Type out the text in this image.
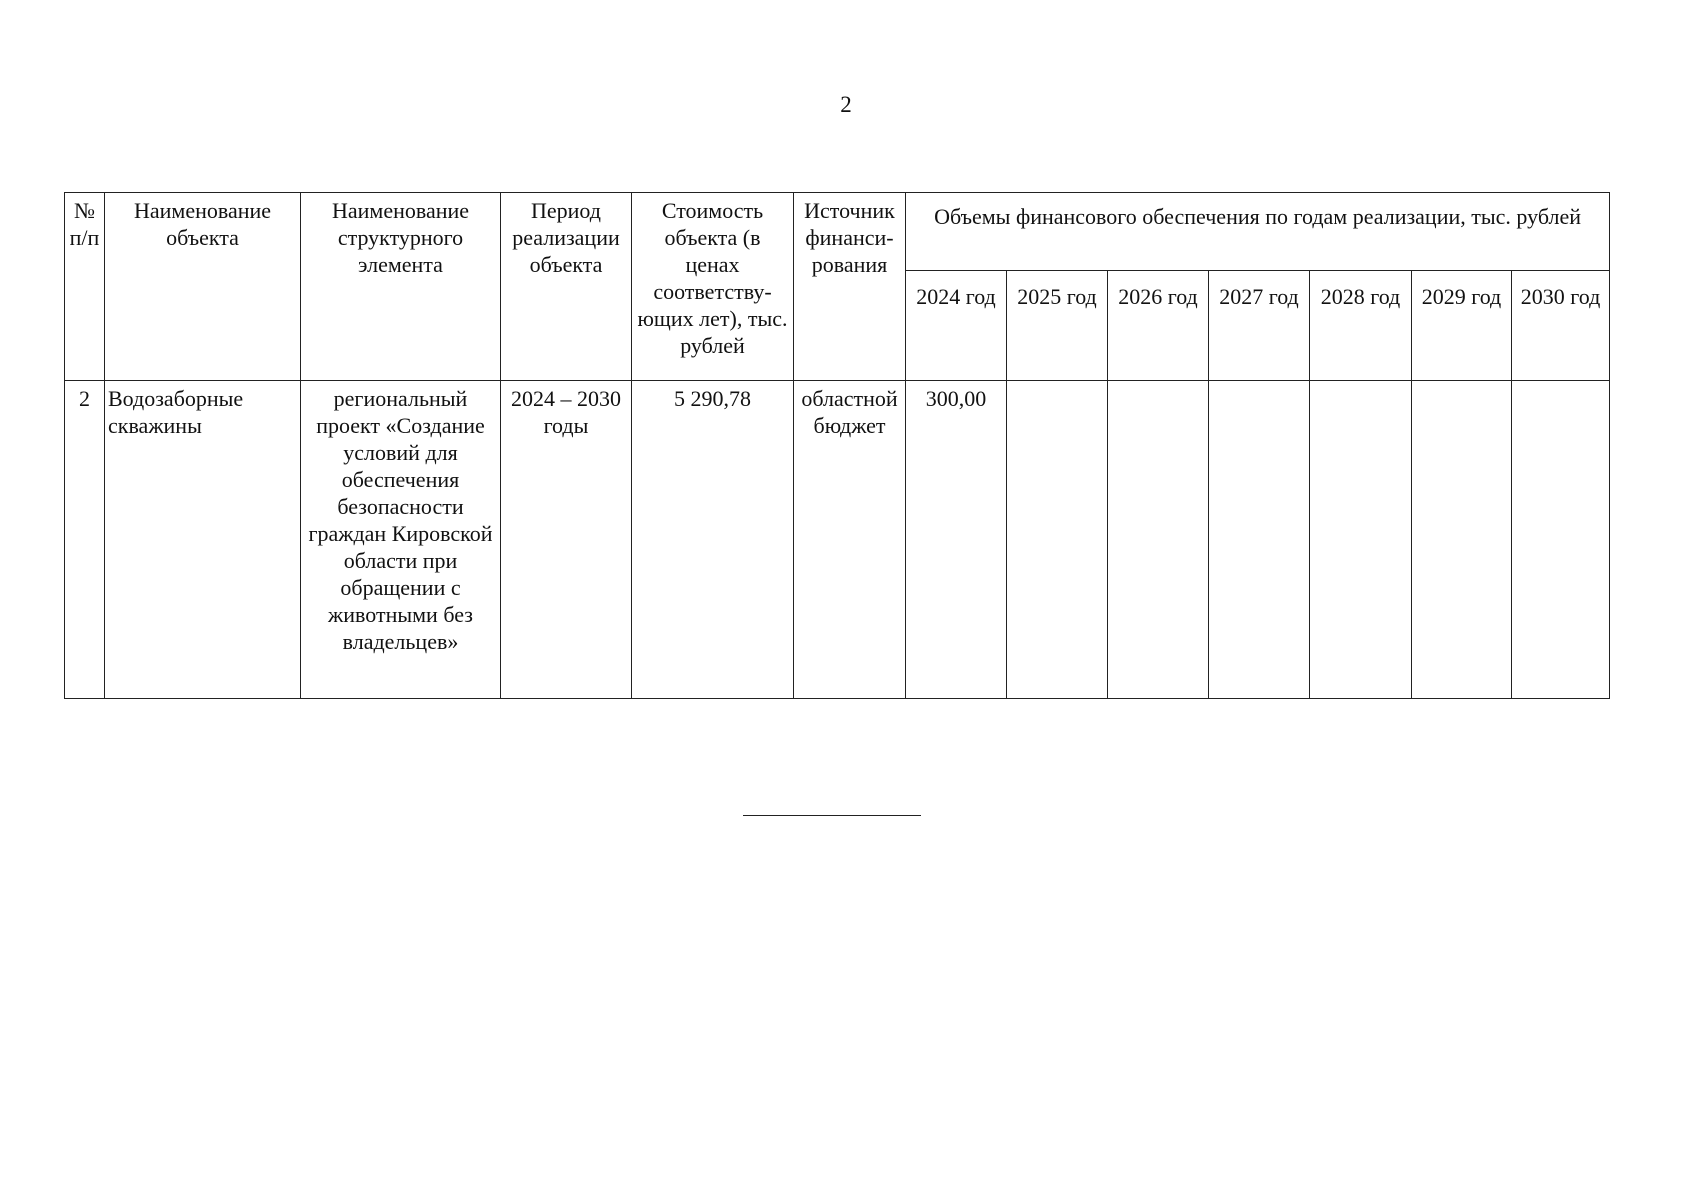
2
№ п/п	Наименование объекта	Наименование структурного элемента	Период реализации объекта	Стоимость объекта (в ценах соответству-ющих лет), тыс. рублей	Источник финанси-рования	Объемы финансового обеспечения по годам реализации, тыс. рублей						
						2024 год	2025 год	2026 год	2027 год	2028 год	2029 год	2030 год
2	Водозаборные скважины	региональный проект «Создание условий для обеспечения безопасности граждан Кировской области при обращении с животными без владельцев»	2024 – 2030 годы	5 290,78	областной бюджет	300,00						
